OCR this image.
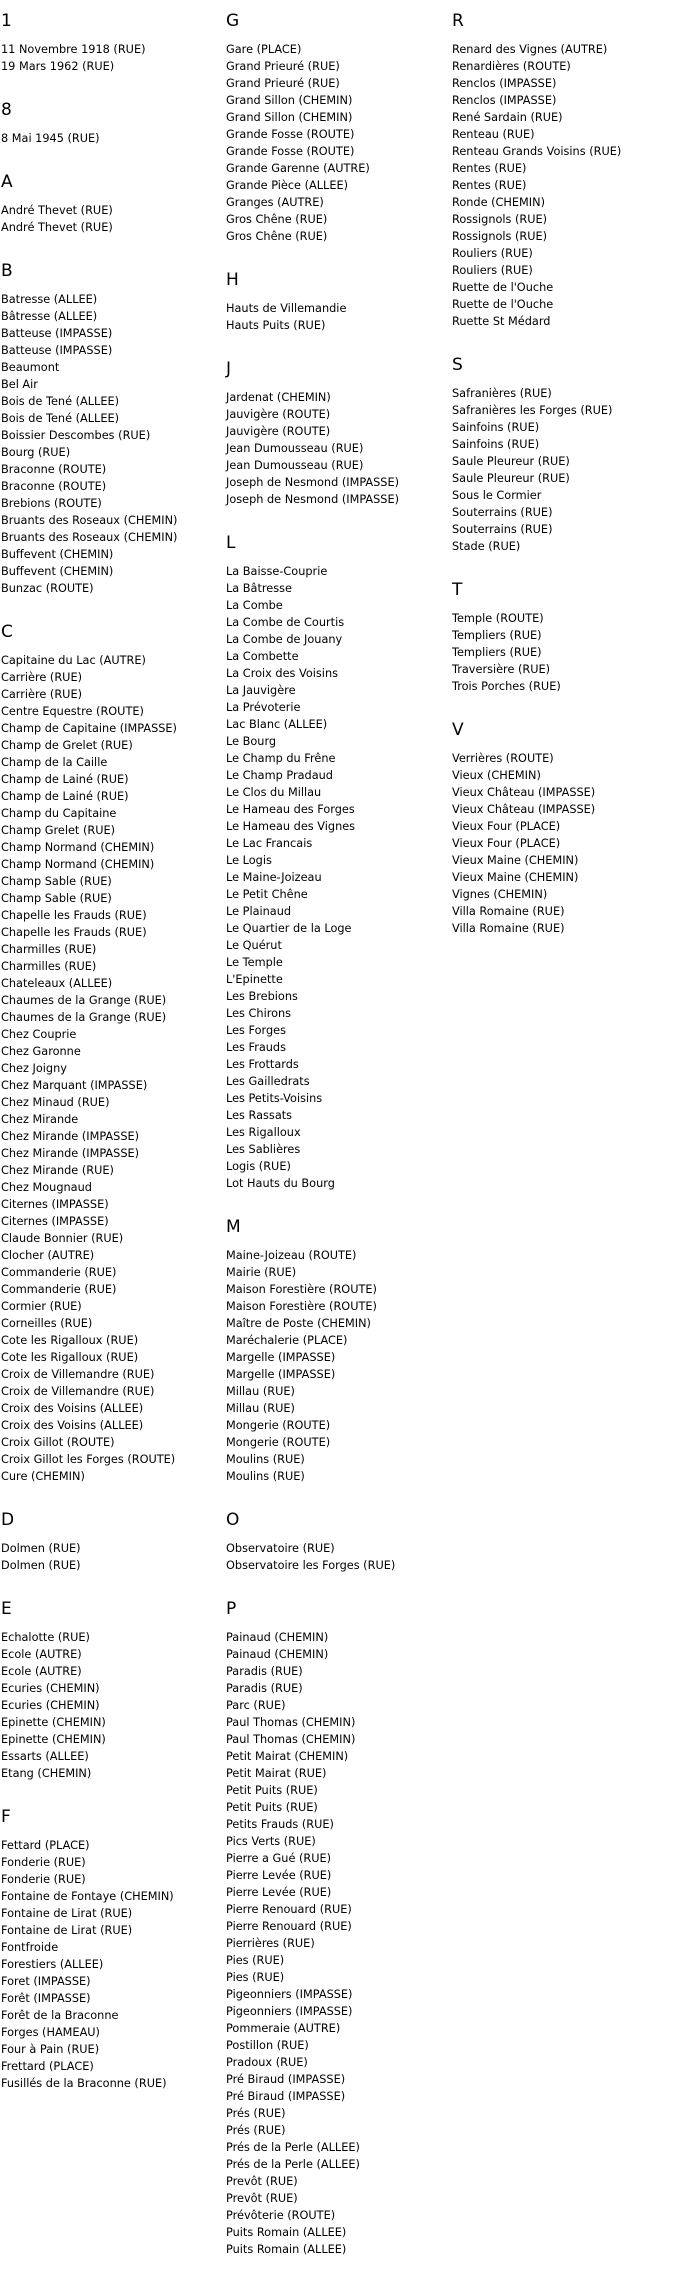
1
11 Novembre 1918 (RUE)
19 Mars 1962 (RUE)
8
8 Mai 1945 (RUE)
A
André Thevet (RUE)
André Thevet (RUE)
B
Batresse (ALLEE)
Bâtresse (ALLEE)
Batteuse (IMPASSE)
Batteuse (IMPASSE)
Beaumont
Bel Air
Bois de Tené (ALLEE)
Bois de Tené (ALLEE)
Boissier Descombes (RUE)
Bourg (RUE)
Braconne (ROUTE)
Braconne (ROUTE)
Brebions (ROUTE)
Bruants des Roseaux (CHEMIN)
Bruants des Roseaux (CHEMIN)
Buffevent (CHEMIN)
Buffevent (CHEMIN)
Bunzac (ROUTE)
C
Capitaine du Lac (AUTRE)
Carrière (RUE)
Carrière (RUE)
Centre Equestre (ROUTE)
Champ de Capitaine (IMPASSE)
Champ de Grelet (RUE)
Champ de la Caille
Champ de Lainé (RUE)
Champ de Lainé (RUE)
Champ du Capitaine
Champ Grelet (RUE)
Champ Normand (CHEMIN)
Champ Normand (CHEMIN)
Champ Sable (RUE)
Champ Sable (RUE)
Chapelle les Frauds (RUE)
Chapelle les Frauds (RUE)
Charmilles (RUE)
Charmilles (RUE)
Chateleaux (ALLEE)
Chaumes de la Grange (RUE)
Chaumes de la Grange (RUE)
Chez Couprie
Chez Garonne
Chez Joigny
Chez Marquant (IMPASSE)
Chez Minaud (RUE)
Chez Mirande
Chez Mirande (IMPASSE)
Chez Mirande (IMPASSE)
Chez Mirande (RUE)
Chez Mougnaud
Citernes (IMPASSE)
Citernes (IMPASSE)
Claude Bonnier (RUE)
Clocher (AUTRE)
Commanderie (RUE)
Commanderie (RUE)
Cormier (RUE)
Corneilles (RUE)
Cote les Rigalloux (RUE)
Cote les Rigalloux (RUE)
Croix de Villemandre (RUE)
Croix de Villemandre (RUE)
Croix des Voisins (ALLEE)
Croix des Voisins (ALLEE)
Croix Gillot (ROUTE)
Croix Gillot les Forges (ROUTE)
Cure (CHEMIN)
D
Dolmen (RUE)
Dolmen (RUE)
E
Echalotte (RUE)
Ecole (AUTRE)
Ecole (AUTRE)
Ecuries (CHEMIN)
Ecuries (CHEMIN)
Epinette (CHEMIN)
Epinette (CHEMIN)
Essarts (ALLEE)
Etang (CHEMIN)
F
Fettard (PLACE)
Fonderie (RUE)
Fonderie (RUE)
Fontaine de Fontaye (CHEMIN)
Fontaine de Lirat (RUE)
Fontaine de Lirat (RUE)
Fontfroide
Forestiers (ALLEE)
Foret (IMPASSE)
Forêt (IMPASSE)
Forêt de la Braconne
Forges (HAMEAU)
Four à Pain (RUE)
Frettard (PLACE)
Fusillés de la Braconne (RUE)
G
Gare (PLACE)
Grand Prieuré (RUE)
Grand Prieuré (RUE)
Grand Sillon (CHEMIN)
Grand Sillon (CHEMIN)
Grande Fosse (ROUTE)
Grande Fosse (ROUTE)
Grande Garenne (AUTRE)
Grande Pièce (ALLEE)
Granges (AUTRE)
Gros Chêne (RUE)
Gros Chêne (RUE)
H
Hauts de Villemandie
Hauts Puits (RUE)
J
Jardenat (CHEMIN)
Jauvigère (ROUTE)
Jauvigère (ROUTE)
Jean Dumousseau (RUE)
Jean Dumousseau (RUE)
Joseph de Nesmond (IMPASSE)
Joseph de Nesmond (IMPASSE)
L
La Baisse-Couprie
La Bâtresse
La Combe
La Combe de Courtis
La Combe de Jouany
La Combette
La Croix des Voisins
La Jauvigère
La Prévoterie
Lac Blanc (ALLEE)
Le Bourg
Le Champ du Frêne
Le Champ Pradaud
Le Clos du Millau
Le Hameau des Forges
Le Hameau des Vignes
Le Lac Francais
Le Logis
Le Maine-Joizeau
Le Petit Chêne
Le Plainaud
Le Quartier de la Loge
Le Quérut
Le Temple
L'Epinette
Les Brebions
Les Chirons
Les Forges
Les Frauds
Les Frottards
Les Gailledrats
Les Petits-Voisins
Les Rassats
Les Rigalloux
Les Sablières
Logis (RUE)
Lot Hauts du Bourg
M
Maine-Joizeau (ROUTE)
Mairie (RUE)
Maison Forestière (ROUTE)
Maison Forestière (ROUTE)
Maître de Poste (CHEMIN)
Maréchalerie (PLACE)
Margelle (IMPASSE)
Margelle (IMPASSE)
Millau (RUE)
Millau (RUE)
Mongerie (ROUTE)
Mongerie (ROUTE)
Moulins (RUE)
Moulins (RUE)
O
Observatoire (RUE)
Observatoire les Forges (RUE)
P
Painaud (CHEMIN)
Painaud (CHEMIN)
Paradis (RUE)
Paradis (RUE)
Parc (RUE)
Paul Thomas (CHEMIN)
Paul Thomas (CHEMIN)
Petit Mairat (CHEMIN)
Petit Mairat (RUE)
Petit Puits (RUE)
Petit Puits (RUE)
Petits Frauds (RUE)
Pics Verts (RUE)
Pierre a Gué (RUE)
Pierre Levée (RUE)
Pierre Levée (RUE)
Pierre Renouard (RUE)
Pierre Renouard (RUE)
Pierrières (RUE)
Pies (RUE)
Pies (RUE)
Pigeonniers (IMPASSE)
Pigeonniers (IMPASSE)
Pommeraie (AUTRE)
Postillon (RUE)
Pradoux (RUE)
Pré Biraud (IMPASSE)
Pré Biraud (IMPASSE)
Prés (RUE)
Prés (RUE)
Prés de la Perle (ALLEE)
Prés de la Perle (ALLEE)
Prevôt (RUE)
Prevôt (RUE)
Prévôterie (ROUTE)
Puits Romain (ALLEE)
Puits Romain (ALLEE)
R
Renard des Vignes (AUTRE)
Renardières (ROUTE)
Renclos (IMPASSE)
Renclos (IMPASSE)
René Sardain (RUE)
Renteau (RUE)
Renteau Grands Voisins (RUE)
Rentes (RUE)
Rentes (RUE)
Ronde (CHEMIN)
Rossignols (RUE)
Rossignols (RUE)
Rouliers (RUE)
Rouliers (RUE)
Ruette de l'Ouche
Ruette de l'Ouche
Ruette St Médard
S
Safranières (RUE)
Safranières les Forges (RUE)
Sainfoins (RUE)
Sainfoins (RUE)
Saule Pleureur (RUE)
Saule Pleureur (RUE)
Sous le Cormier
Souterrains (RUE)
Souterrains (RUE)
Stade (RUE)
T
Temple (ROUTE)
Templiers (RUE)
Templiers (RUE)
Traversière (RUE)
Trois Porches (RUE)
V
Verrières (ROUTE)
Vieux (CHEMIN)
Vieux Château (IMPASSE)
Vieux Château (IMPASSE)
Vieux Four (PLACE)
Vieux Four (PLACE)
Vieux Maine (CHEMIN)
Vieux Maine (CHEMIN)
Vignes (CHEMIN)
Villa Romaine (RUE)
Villa Romaine (RUE)
